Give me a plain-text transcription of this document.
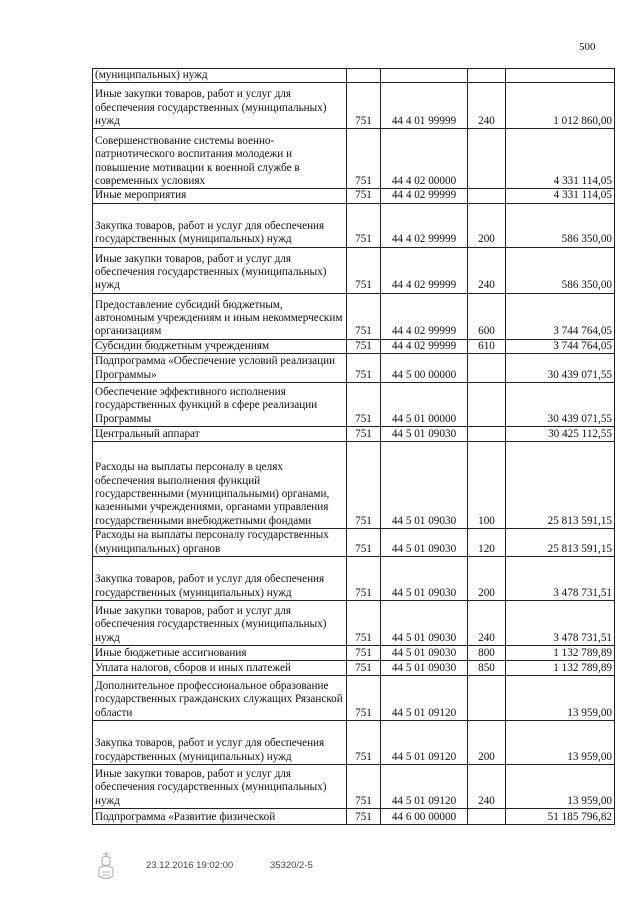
500
(муниципальных) нужд				
Иные закупки товаров, работ и услуг для обеспечения государственных (муниципальных) нужд	751	44 4 01 99999	240	1 012 860,00
Совершенствование системы военно-патриотического воспитания молодежи и повышение мотивации к военной службе в современных условиях	751	44 4 02 00000		4 331 114,05
Иные мероприятия	751	44 4 02 99999		4 331 114,05
Закупка товаров, работ и услуг для обеспечения государственных (муниципальных) нужд	751	44 4 02 99999	200	586 350,00
Иные закупки товаров, работ и услуг для обеспечения государственных (муниципальных) нужд	751	44 4 02 99999	240	586 350,00
Предоставление субсидий бюджетным, автономным учреждениям и иным некоммерческим организациям	751	44 4 02 99999	600	3 744 764,05
Субсидии бюджетным учреждениям	751	44 4 02 99999	610	3 744 764,05
Подпрограмма «Обеспечение условий реализации Программы»	751	44 5 00 00000		30 439 071,55
Обеспечение эффективного исполнения государственных функций в сфере реализации Программы	751	44 5 01 00000		30 439 071,55
Центральный аппарат	751	44 5 01 09030		30 425 112,55
Расходы на выплаты персоналу в целях обеспечения выполнения функций государственными (муниципальными) органами, казенными учреждениями, органами управления государственными внебюджетными фондами	751	44 5 01 09030	100	25 813 591,15
Расходы на выплаты персоналу государственных (муниципальных) органов	751	44 5 01 09030	120	25 813 591,15
Закупка товаров, работ и услуг для обеспечения государственных (муниципальных) нужд	751	44 5 01 09030	200	3 478 731,51
Иные закупки товаров, работ и услуг для обеспечения государственных (муниципальных) нужд	751	44 5 01 09030	240	3 478 731,51
Иные бюджетные ассигнования	751	44 5 01 09030	800	1 132 789,89
Уплата налогов, сборов и иных платежей	751	44 5 01 09030	850	1 132 789,89
Дополнительное профессиональное образование государственных гражданских служащих Рязанской области	751	44 5 01 09120		13 959,00
Закупка товаров, работ и услуг для обеспечения государственных (муниципальных) нужд	751	44 5 01 09120	200	13 959,00
Иные закупки товаров, работ и услуг для обеспечения государственных (муниципальных) нужд	751	44 5 01 09120	240	13 959,00
Подпрограмма «Развитие физической	751	44 6 00 00000		51 185 796,82
23.12.2016 19:02:00	35320/2-5
